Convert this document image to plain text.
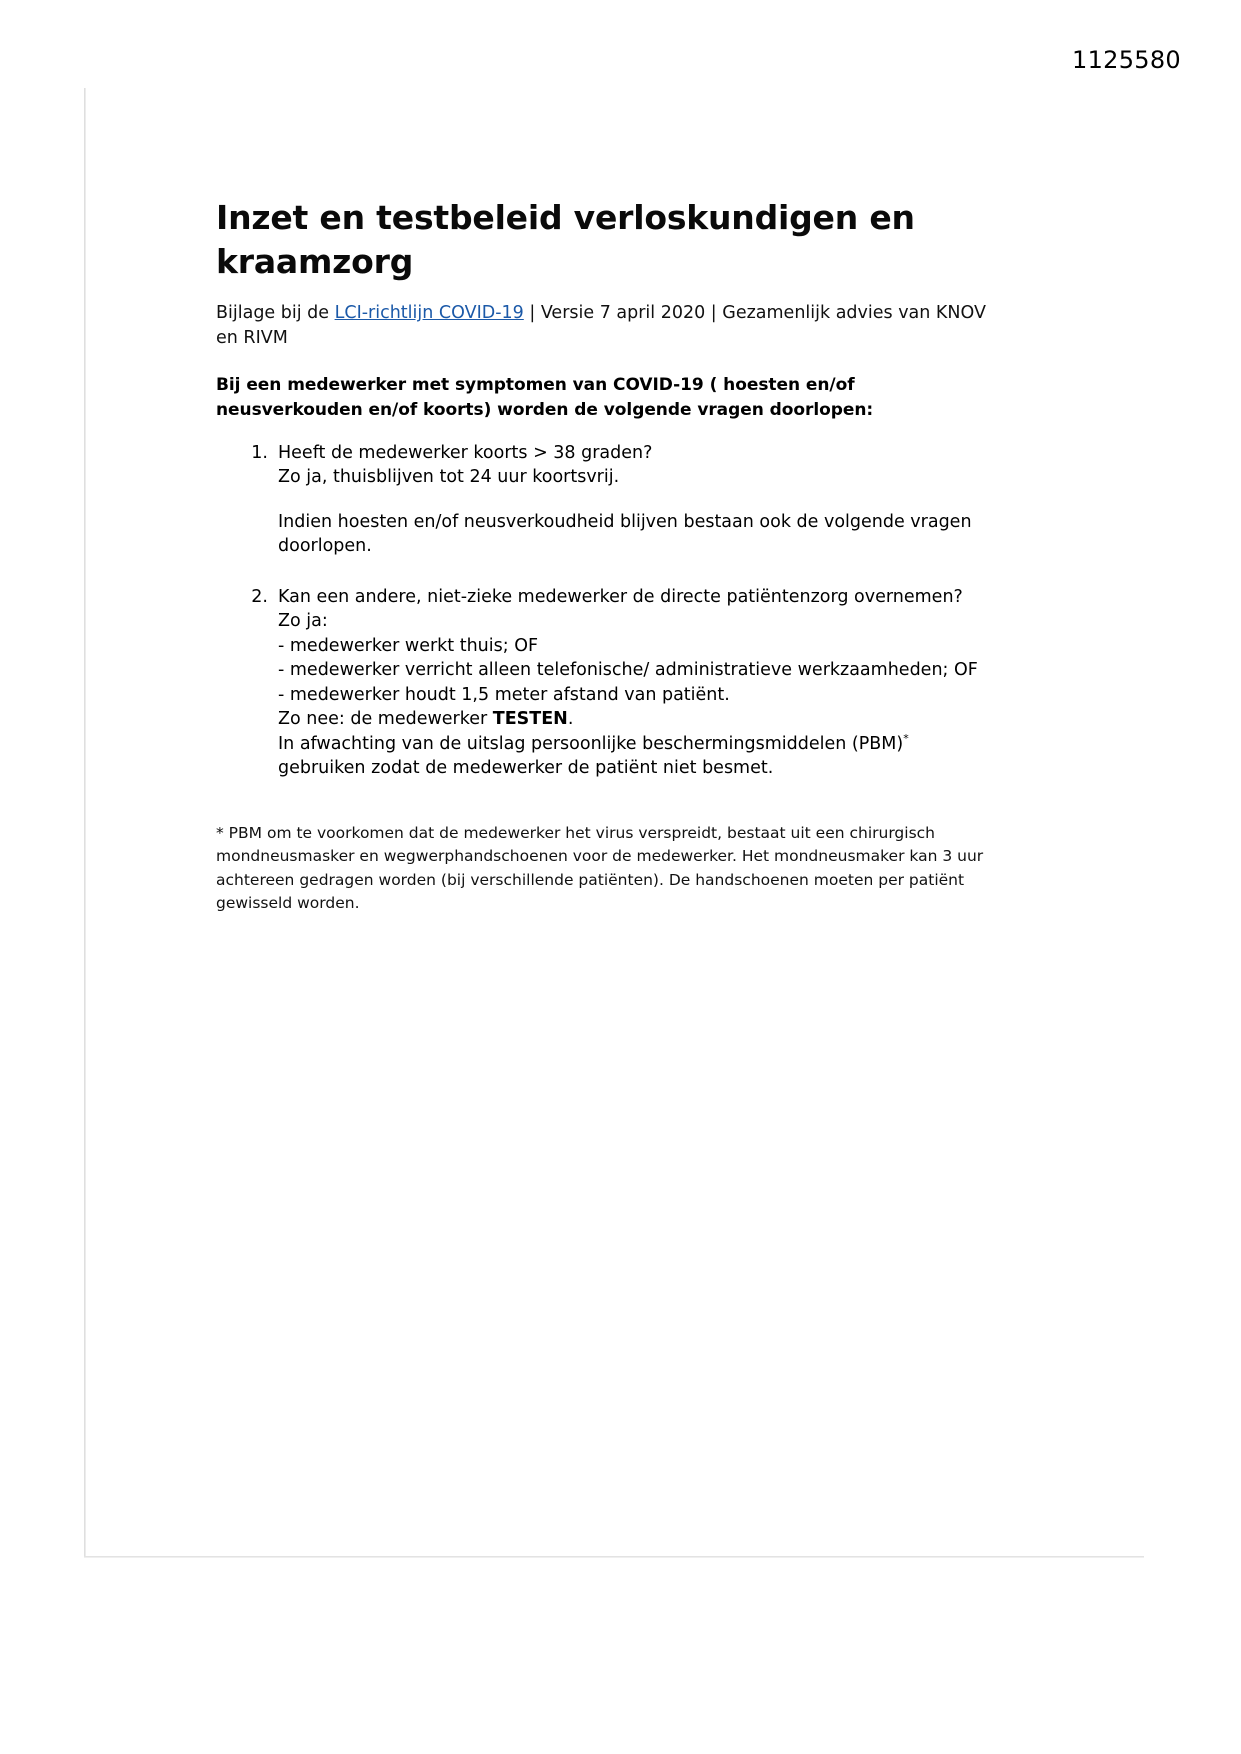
1125580
Inzet en testbeleid verloskundigen en kraamzorg

Bijlage bij de LCI-richtlijn COVID-19 | Versie 7 april 2020 | Gezamenlijk advies van KNOV en RIVM

Bij een medewerker met symptomen van COVID-19 ( hoesten en/of neusverkouden en/of koorts) worden de volgende vragen doorlopen:

1. Heeft de medewerker koorts > 38 graden?
Zo ja, thuisblijven tot 24 uur koortsvrij.
Indien hoesten en/of neusverkoudheid blijven bestaan ook de volgende vragen doorlopen.
2. Kan een andere, niet-zieke medewerker de directe patiëntenzorg overnemen?
Zo ja:
- medewerker werkt thuis; OF
- medewerker verricht alleen telefonische/ administratieve werkzaamheden; OF
- medewerker houdt 1,5 meter afstand van patiënt.
Zo nee: de medewerker TESTEN.
In afwachting van de uitslag persoonlijke beschermingsmiddelen (PBM)*
gebruiken zodat de medewerker de patiënt niet besmet.

* PBM om te voorkomen dat de medewerker het virus verspreidt, bestaat uit een chirurgisch mondneusmasker en wegwerphandschoenen voor de medewerker. Het mondneusmaker kan 3 uur achtereen gedragen worden (bij verschillende patiënten). De handschoenen moeten per patiënt gewisseld worden.
